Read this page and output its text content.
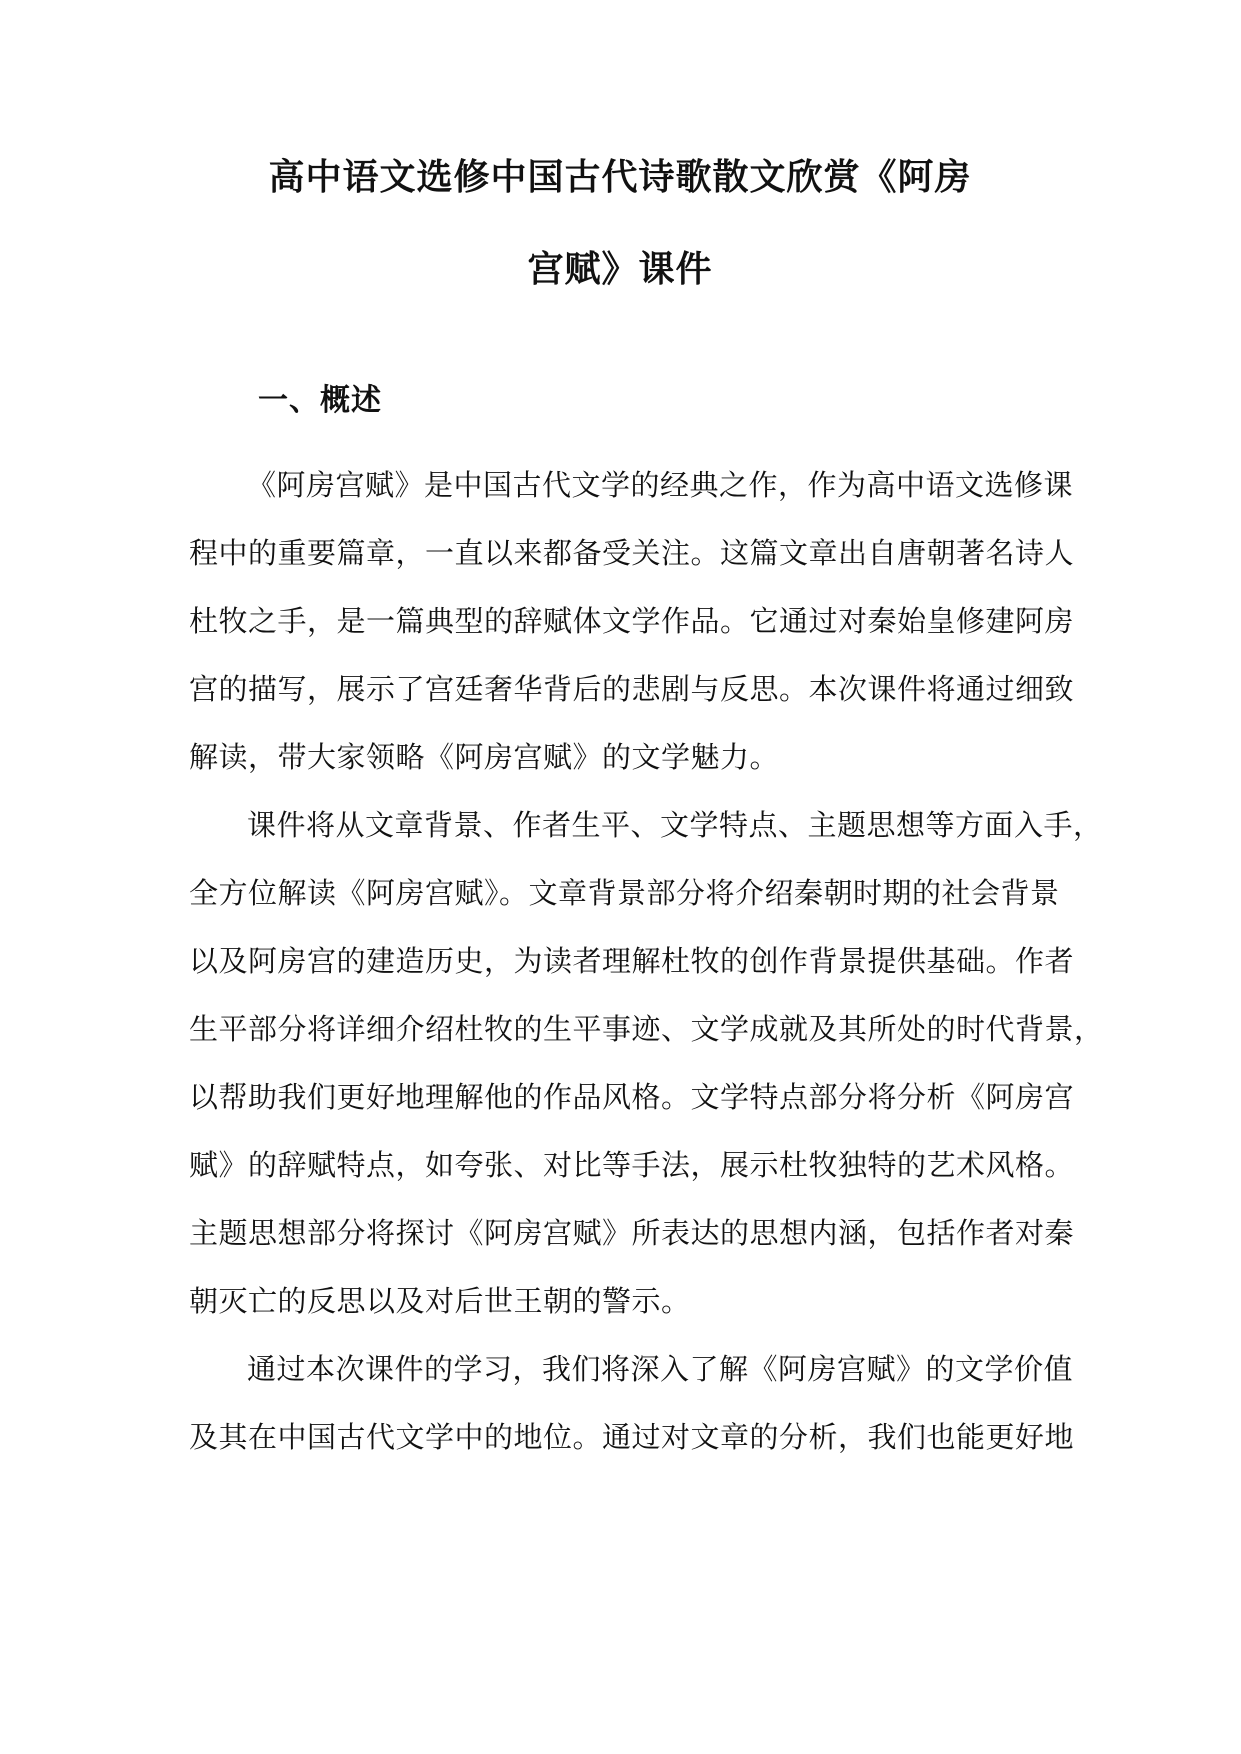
高中语文选修中国古代诗歌散文欣赏《阿房
宫赋》课件
一、概述
《阿房宫赋》是中国古代文学的经典之作，作为高中语文选修课
程中的重要篇章，一直以来都备受关注。这篇文章出自唐朝著名诗人
杜牧之手，是一篇典型的辞赋体文学作品。它通过对秦始皇修建阿房
宫的描写，展示了宫廷奢华背后的悲剧与反思。本次课件将通过细致
解读，带大家领略《阿房宫赋》的文学魅力。
课件将从文章背景、作者生平、文学特点、主题思想等方面入手，
全方位解读《阿房宫赋》。文章背景部分将介绍秦朝时期的社会背景
以及阿房宫的建造历史，为读者理解杜牧的创作背景提供基础。作者
生平部分将详细介绍杜牧的生平事迹、文学成就及其所处的时代背景，
以帮助我们更好地理解他的作品风格。文学特点部分将分析《阿房宫
赋》的辞赋特点，如夸张、对比等手法，展示杜牧独特的艺术风格。
主题思想部分将探讨《阿房宫赋》所表达的思想内涵，包括作者对秦
朝灭亡的反思以及对后世王朝的警示。
通过本次课件的学习，我们将深入了解《阿房宫赋》的文学价值
及其在中国古代文学中的地位。通过对文章的分析，我们也能更好地
